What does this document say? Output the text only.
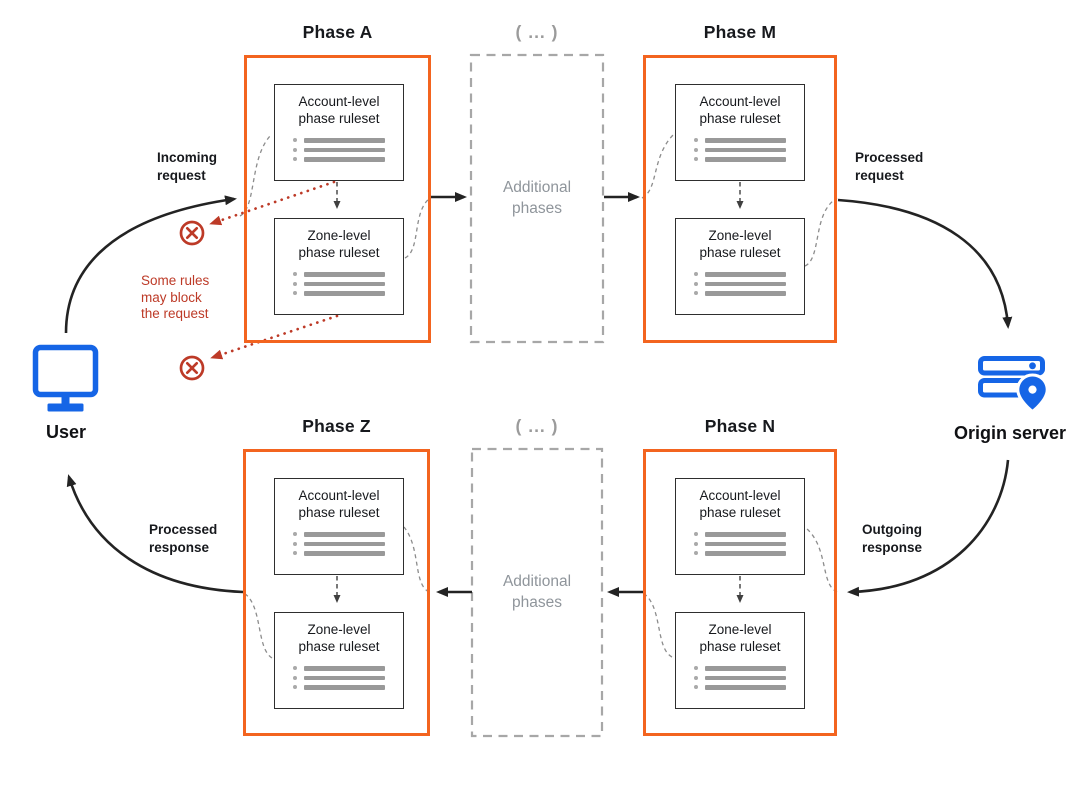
Phase A	( ... )	Phase M
Phase Z	( ... )	Phase N
Additional
phases
Additional
phases
Account-level
phase ruleset
Zone-level
phase ruleset
Account-level
phase ruleset
Zone-level
phase ruleset
Account-level
phase ruleset
Zone-level
phase ruleset
Account-level
phase ruleset
Zone-level
phase ruleset
Incoming
request
Processed
request
Outgoing
response
Processed
response
Some rules
may block
the request
User	Origin server
